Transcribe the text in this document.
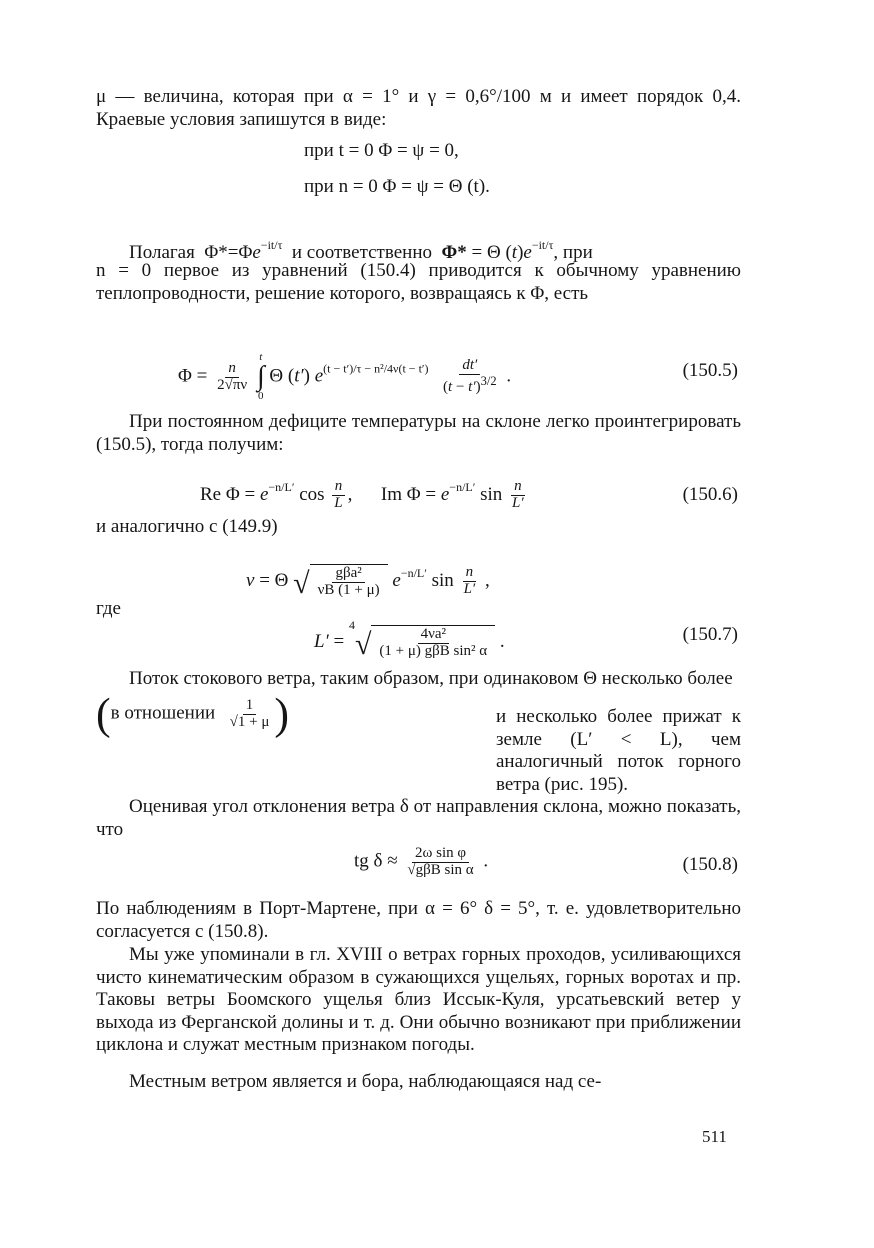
μ — величина, которая при α = 1° и γ = 0,6°/100 м и имеет порядок 0,4. Краевые условия запишутся в виде:

при t = 0 Φ = ψ = 0,
при n = 0 Φ = ψ = Θ (t).
Полагая  $\Phi*=\Phi e^{-it/\tau}$ и соответственно Φ* = Θ $(t)e^{-it/\tau}$, при

n = 0 первое из уравнений (150.4) приводится к обычному уравнению теплопроводности, решение которого, возвращаясь к Φ, есть

$\Phi = \frac{n}{2√\pi\nu}$

t
∫
0
Θ (t′) $e^{(t - t')/\tau - n^2/4\nu(t - t')} \frac{dt'}{(t - t')^{3/2}}$ .	(150.5)

При постоянном дефиците температуры на склоне легко проинтегрировать (150.5), тогда получим:

Re $\Phi = e^{-n/L'}$ $\cos \frac{n}{L}$ ,      Im $\Phi = e^{-n/L'}$ $\sin \frac{n}{L'}$	(150.6)

и аналогично с (149.9)

v = Θ √ $\frac{\text{gβa²}}{\nu B (1 + \mu)} e^{-n/L'}$ $\sin \frac{n}{L'}$ ,
где
L′ = $^4$
√ $\frac{\text{4νa²}}{\text{(1 + μ) gβB sin² α}}$ .	(150.7)

Поток стокового ветра, таким образом, при одинаковом Θ несколько более

(в отношении $\frac{1}{√1 + \mu}$ )	и несколько более прижат к земле (L′ < L), чем аналогичный поток горного ветра (рис. 195).

Оценивая угол отклонения ветра δ от направления склона, можно показать, что

tg $\delta \approx \frac{\text{2ω sin φ}}{\text{√gβB sin α}}$ .	(150.8)

По наблюдениям в Порт-Мартене, при α = 6° δ = 5°, т. е. удовлетворительно согласуется с (150.8).

Мы уже упоминали в гл. XVIII о ветрах горных проходов, усиливающихся чисто кинематическим образом в сужающихся ущельях, горных воротах и пр. Таковы ветры Боомского ущелья близ Иссык-Куля, урсатьевский ветер у выхода из Ферганской долины и т. д. Они обычно возникают при приближении циклона и служат местным признаком погоды.

Местным ветром является и бора, наблюдающаяся над се-

511
